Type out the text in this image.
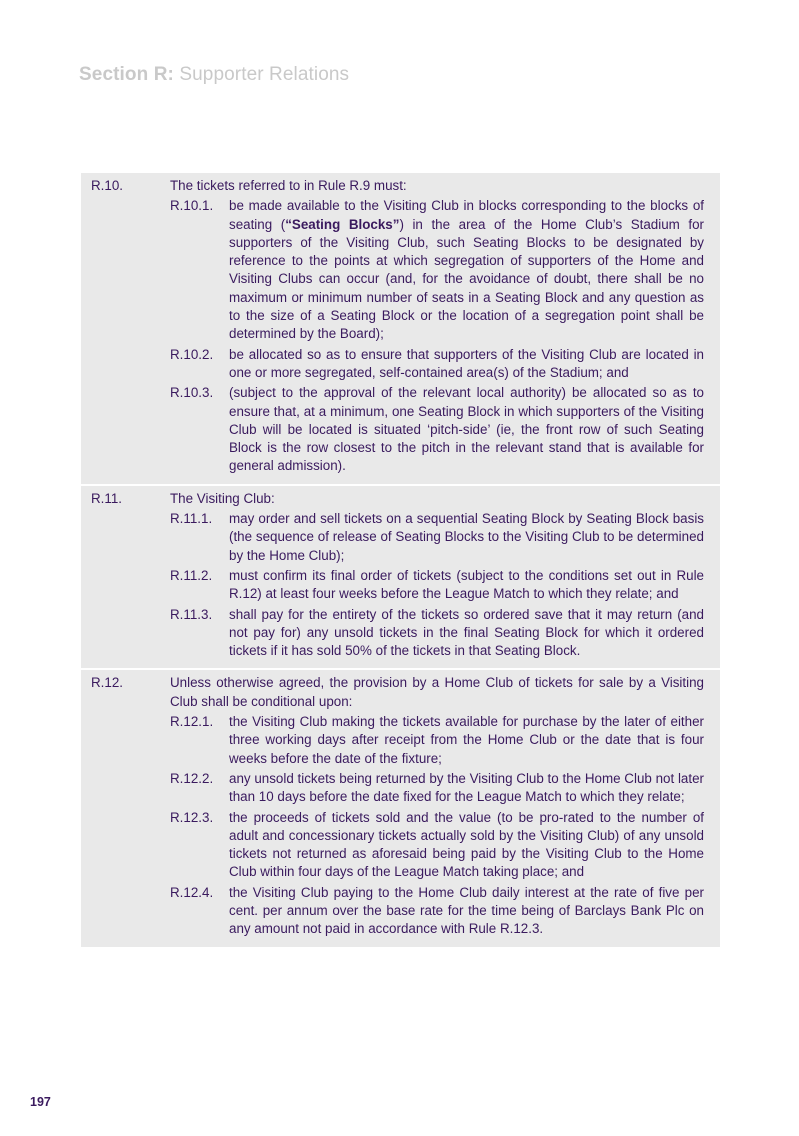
Section R: Supporter Relations
R.10.	The tickets referred to in Rule R.9 must:
R.10.1.	be made available to the Visiting Club in blocks corresponding to the blocks of seating (“Seating Blocks”) in the area of the Home Club’s Stadium for supporters of the Visiting Club, such Seating Blocks to be designated by reference to the points at which segregation of supporters of the Home and Visiting Clubs can occur (and, for the avoidance of doubt, there shall be no maximum or minimum number of seats in a Seating Block and any question as to the size of a Seating Block or the location of a segregation point shall be determined by the Board);
R.10.2.	be allocated so as to ensure that supporters of the Visiting Club are located in one or more segregated, self-contained area(s) of the Stadium; and
R.10.3.	(subject to the approval of the relevant local authority) be allocated so as to ensure that, at a minimum, one Seating Block in which supporters of the Visiting Club will be located is situated ‘pitch-side’ (ie, the front row of such Seating Block is the row closest to the pitch in the relevant stand that is available for general admission).
R.11.	The Visiting Club:
R.11.1.	may order and sell tickets on a sequential Seating Block by Seating Block basis (the sequence of release of Seating Blocks to the Visiting Club to be determined by the Home Club);
R.11.2.	must confirm its final order of tickets (subject to the conditions set out in Rule R.12) at least four weeks before the League Match to which they relate; and
R.11.3.	shall pay for the entirety of the tickets so ordered save that it may return (and not pay for) any unsold tickets in the final Seating Block for which it ordered tickets if it has sold 50% of the tickets in that Seating Block.
R.12.	Unless otherwise agreed, the provision by a Home Club of tickets for sale by a Visiting Club shall be conditional upon:
R.12.1.	the Visiting Club making the tickets available for purchase by the later of either three working days after receipt from the Home Club or the date that is four weeks before the date of the fixture;
R.12.2.	any unsold tickets being returned by the Visiting Club to the Home Club not later than 10 days before the date fixed for the League Match to which they relate;
R.12.3.	the proceeds of tickets sold and the value (to be pro-rated to the number of adult and concessionary tickets actually sold by the Visiting Club) of any unsold tickets not returned as aforesaid being paid by the Visiting Club to the Home Club within four days of the League Match taking place; and
R.12.4.	the Visiting Club paying to the Home Club daily interest at the rate of five per cent. per annum over the base rate for the time being of Barclays Bank Plc on any amount not paid in accordance with Rule R.12.3.
197
